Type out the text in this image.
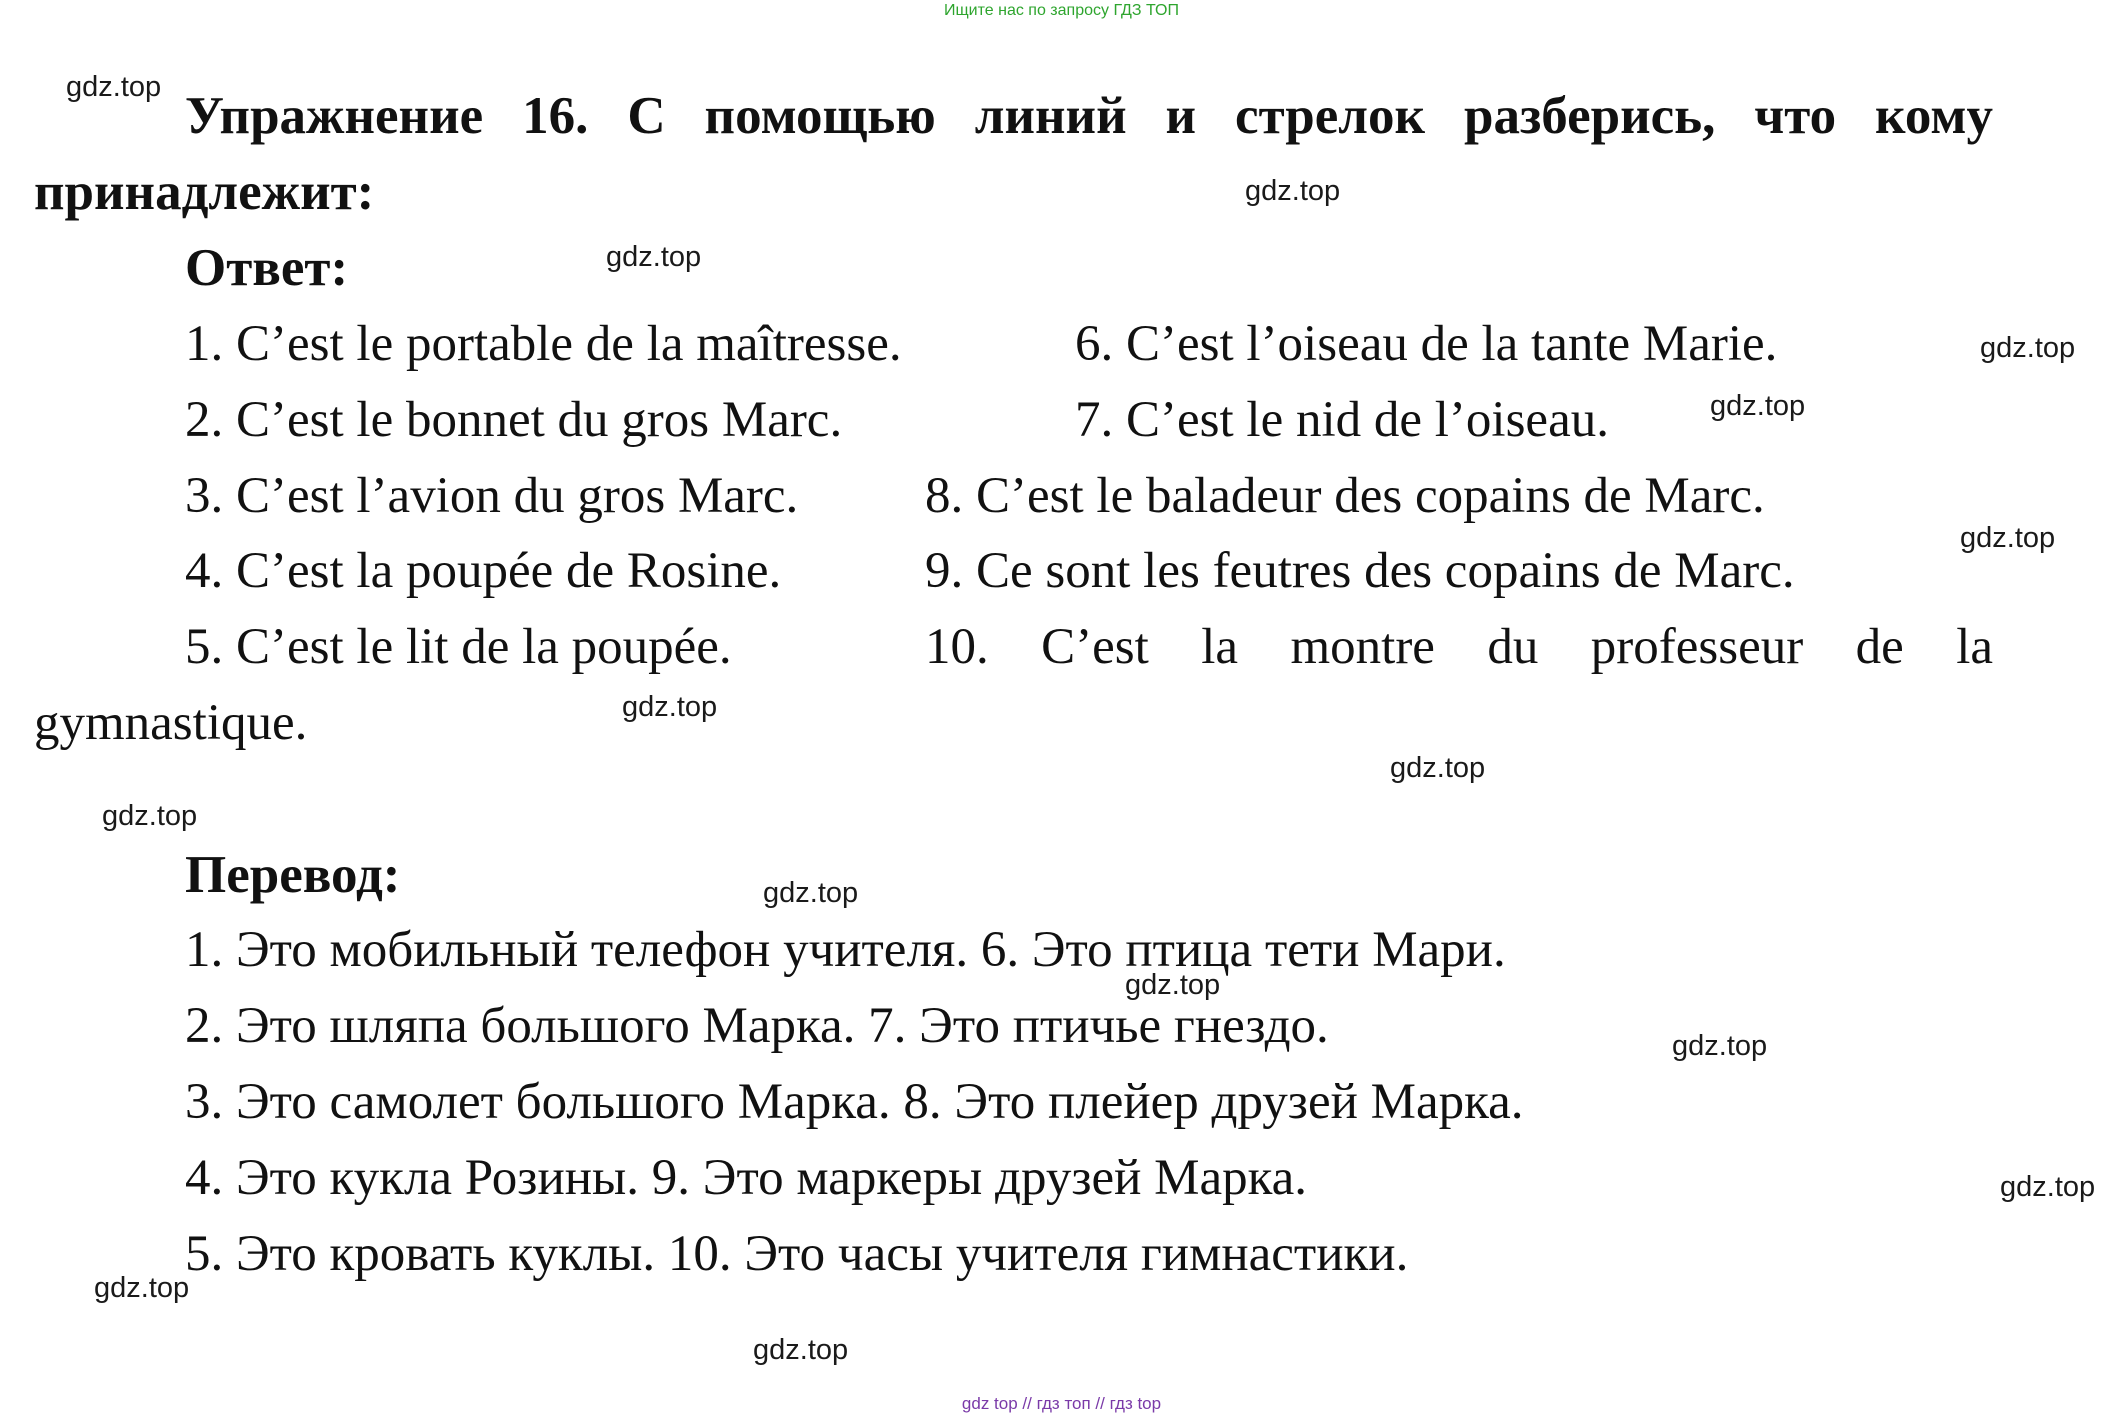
Ищите нас по запросу ГДЗ ТОП
Упражнение 16. С помощью линий и стрелок разберись, что кому
принадлежит:
Ответ:
1. C’est le portable de la maîtresse.	6. C’est l’oiseau de la tante Marie.
2. C’est le bonnet du gros Marc.	7. C’est le nid de l’oiseau.
3. C’est l’avion du gros Marc. 8. C’est le baladeur des copains de Marc.
4. C’est la poupée de Rosine.	9. Ce sont les feutres des copains de Marc.
5. C’est le lit de la poupée.	10. C’est la montre du professeur de la
gymnastique.
Перевод:
1. Это мобильный телефон учителя. 6. Это птица тети Мари.
2. Это шляпа большого Марка. 7. Это птичье гнездо.
3. Это самолет большого Марка. 8. Это плейер друзей Марка.
4. Это кукла Розины. 9. Это маркеры друзей Марка.
5. Это кровать куклы. 10. Это часы учителя гимнастики.
gdz.top
gdz.top
gdz.top
gdz.top
gdz.top
gdz.top
gdz.top
gdz.top
gdz.top
gdz.top
gdz.top
gdz.top
gdz.top
gdz.top
gdz.top
gdz top // гдз топ // гдз top
